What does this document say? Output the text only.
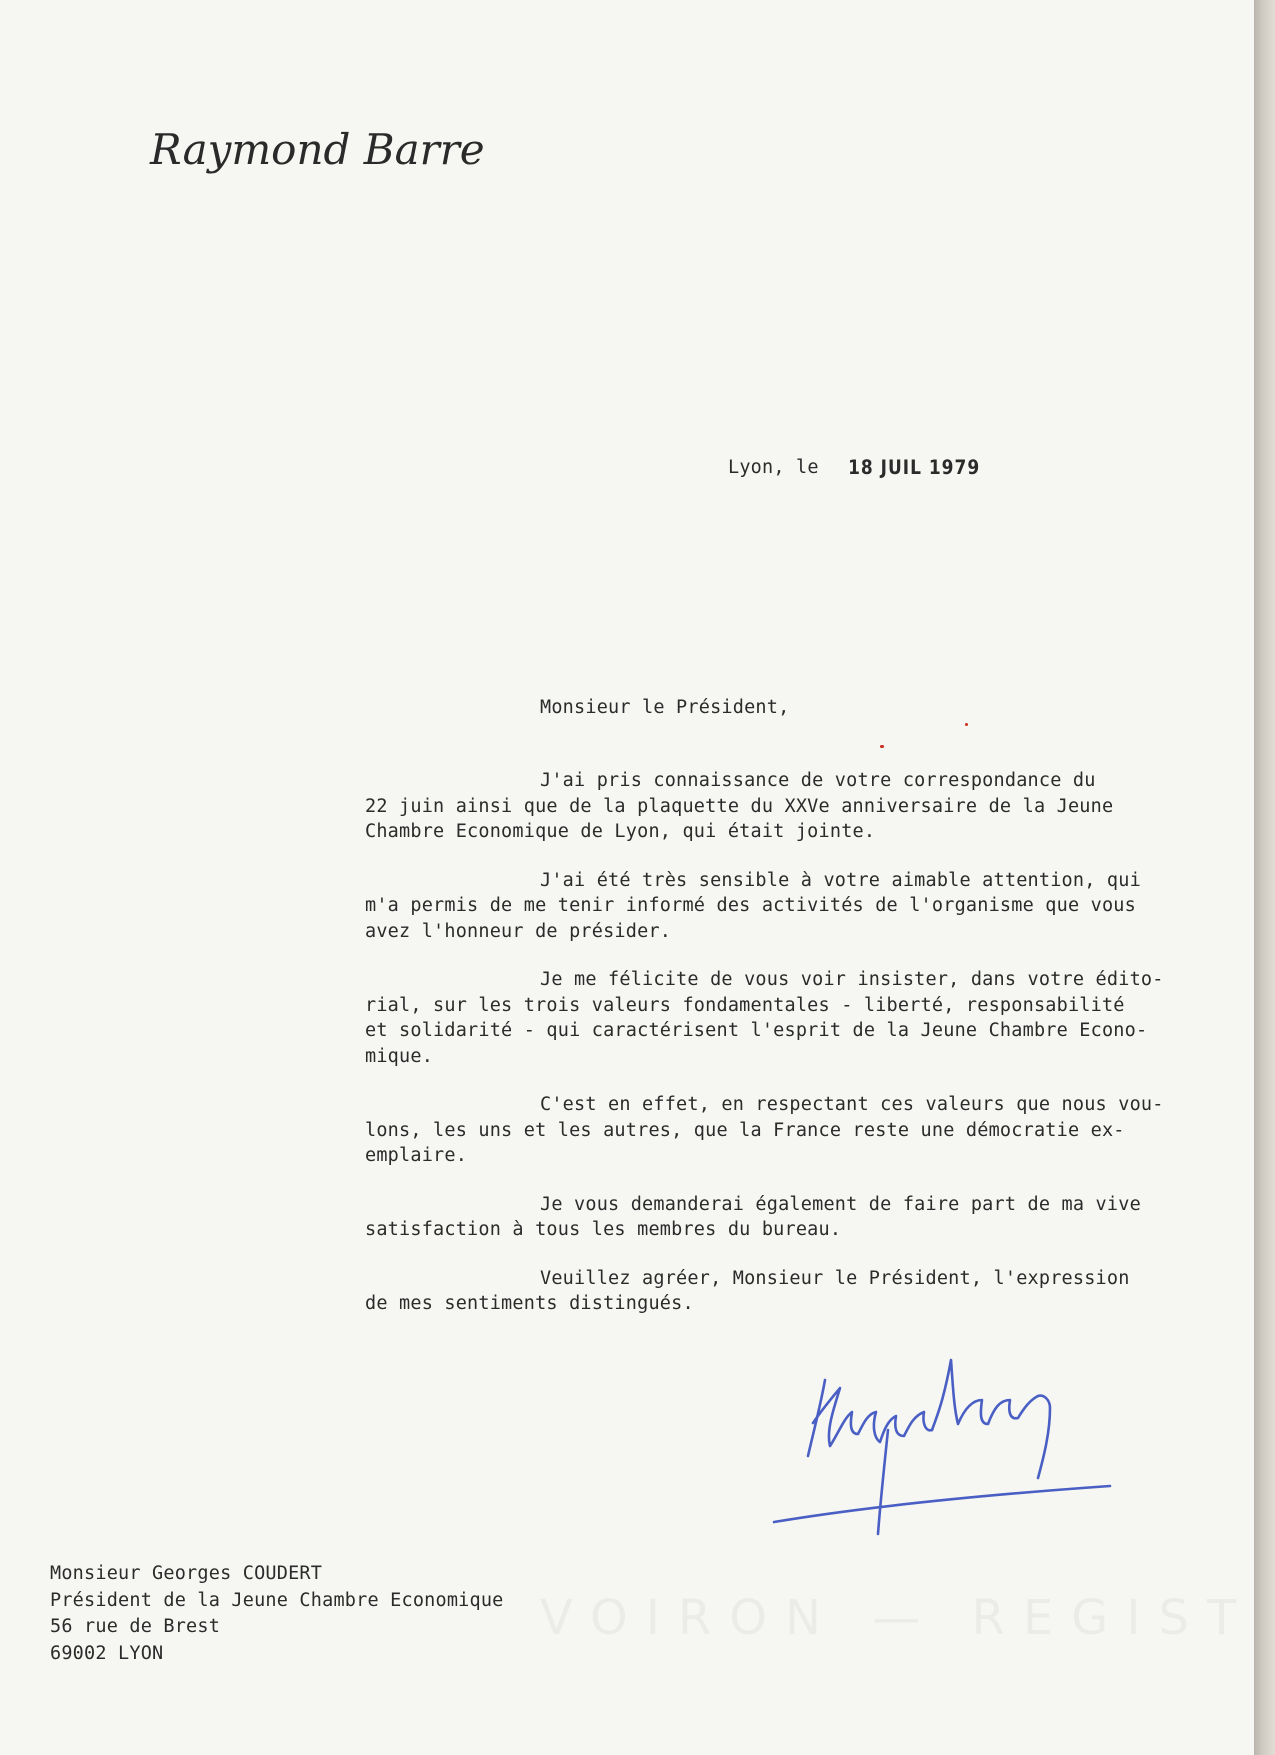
Raymond Barre
Lyon, le 18 JUIL 1979
Monsieur le Président,
J'ai pris connaissance de votre correspondance du
22 juin ainsi que de la plaquette du XXVe anniversaire de la Jeune
Chambre Economique de Lyon, qui était jointe.
J'ai été très sensible à votre aimable attention, qui
m'a permis de me tenir informé des activités de l'organisme que vous
avez l'honneur de présider.
Je me félicite de vous voir insister, dans votre édito-
rial, sur les trois valeurs fondamentales - liberté, responsabilité
et solidarité - qui caractérisent l'esprit de la Jeune Chambre Econo-
mique.
C'est en effet, en respectant ces valeurs que nous vou-
lons, les uns et les autres, que la France reste une démocratie ex-
emplaire.
Je vous demanderai également de faire part de ma vive
satisfaction à tous les membres du bureau.
Veuillez agréer, Monsieur le Président, l'expression
de mes sentiments distingués.
Monsieur Georges COUDERT
Président de la Jeune Chambre Economique
56 rue de Brest
69002 LYON
